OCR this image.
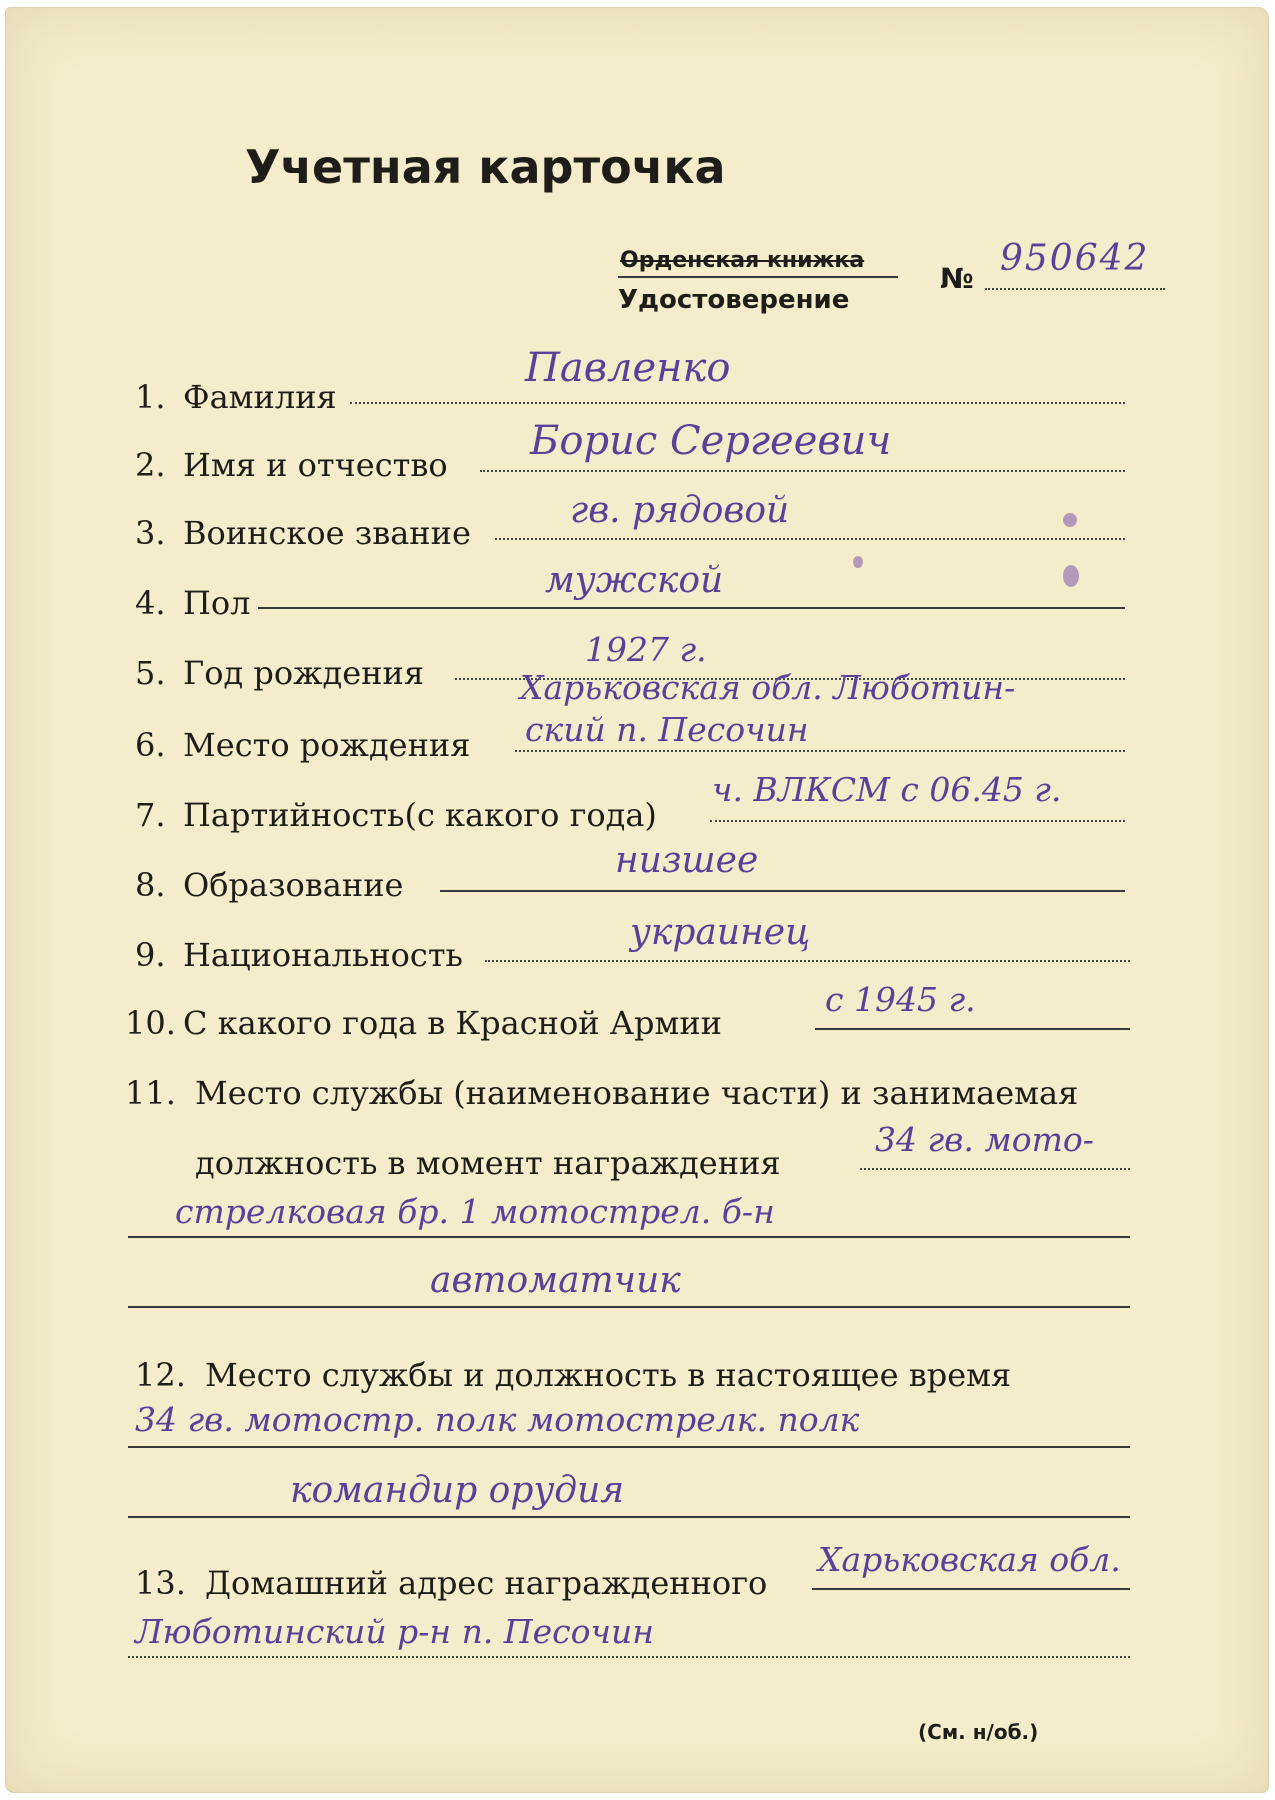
Учетная карточка
Орденская книжка
Удостоверение
№ 950642
1. Фамилия
Павленко
2. Имя и отчество
Борис Сергеевич
3. Воинское звание
гв. рядовой
4. Пол
мужской
5. Год рождения
1927 г.
Харьковская обл. Люботин-
6. Место рождения ский п. Песочин
7. Партийность(с какого года)
ч. ВЛКСМ с 06.45 г.
8. Образование
низшее
9. Национальность
украинец
10. С какого года в Красной Армии
с 1945 г.
11. Место службы (наименование части) и занимаемая
должность в момент награждения
34 гв. мото-
стрелковая бр. 1 мотострел. б-н
автоматчик
12. Место службы и должность в настоящее время
34 гв. мотостр. полк мотострелк. полк
командир орудия
13. Домашний адрес награжденного
Харьковская обл.
Люботинский р-н п. Песочин
(См. н/об.)
